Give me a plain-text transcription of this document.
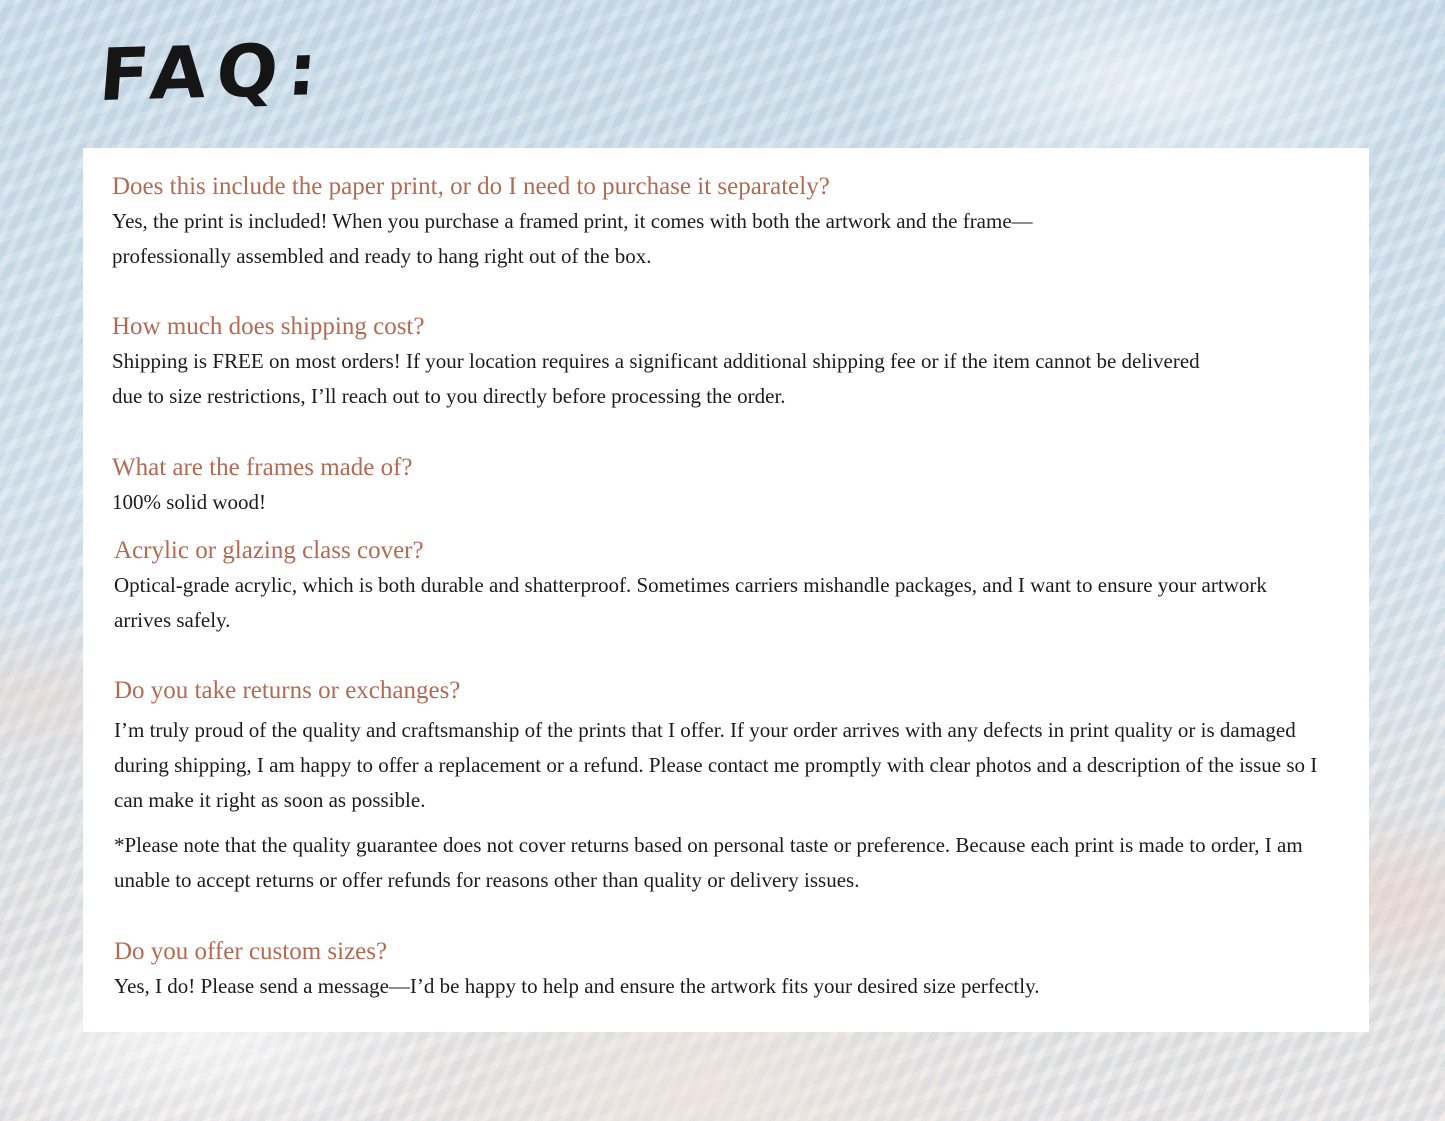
FAQ:
Does this include the paper print, or do I need to purchase it separately?

Yes, the print is included! When you purchase a framed print, it comes with both the artwork and the frame—professionally assembled and ready to hang right out of the box.

How much does shipping cost?

Shipping is FREE on most orders! If your location requires a significant additional shipping fee or if the item cannot be delivered due to size restrictions, I’ll reach out to you directly before processing the order.

What are the frames made of?

100% solid wood!

Acrylic or glazing class cover?

Optical-grade acrylic, which is both durable and shatterproof. Sometimes carriers mishandle packages, and I want to ensure your artwork arrives safely.

Do you take returns or exchanges?

I’m truly proud of the quality and craftsmanship of the prints that I offer. If your order arrives with any defects in print quality or is damaged during shipping, I am happy to offer a replacement or a refund. Please contact me promptly with clear photos and a description of the issue so I can make it right as soon as possible.

*Please note that the quality guarantee does not cover returns based on personal taste or preference. Because each print is made to order, I am unable to accept returns or offer refunds for reasons other than quality or delivery issues.

Do you offer custom sizes?

Yes, I do! Please send a message—I’d be happy to help and ensure the artwork fits your desired size perfectly.
